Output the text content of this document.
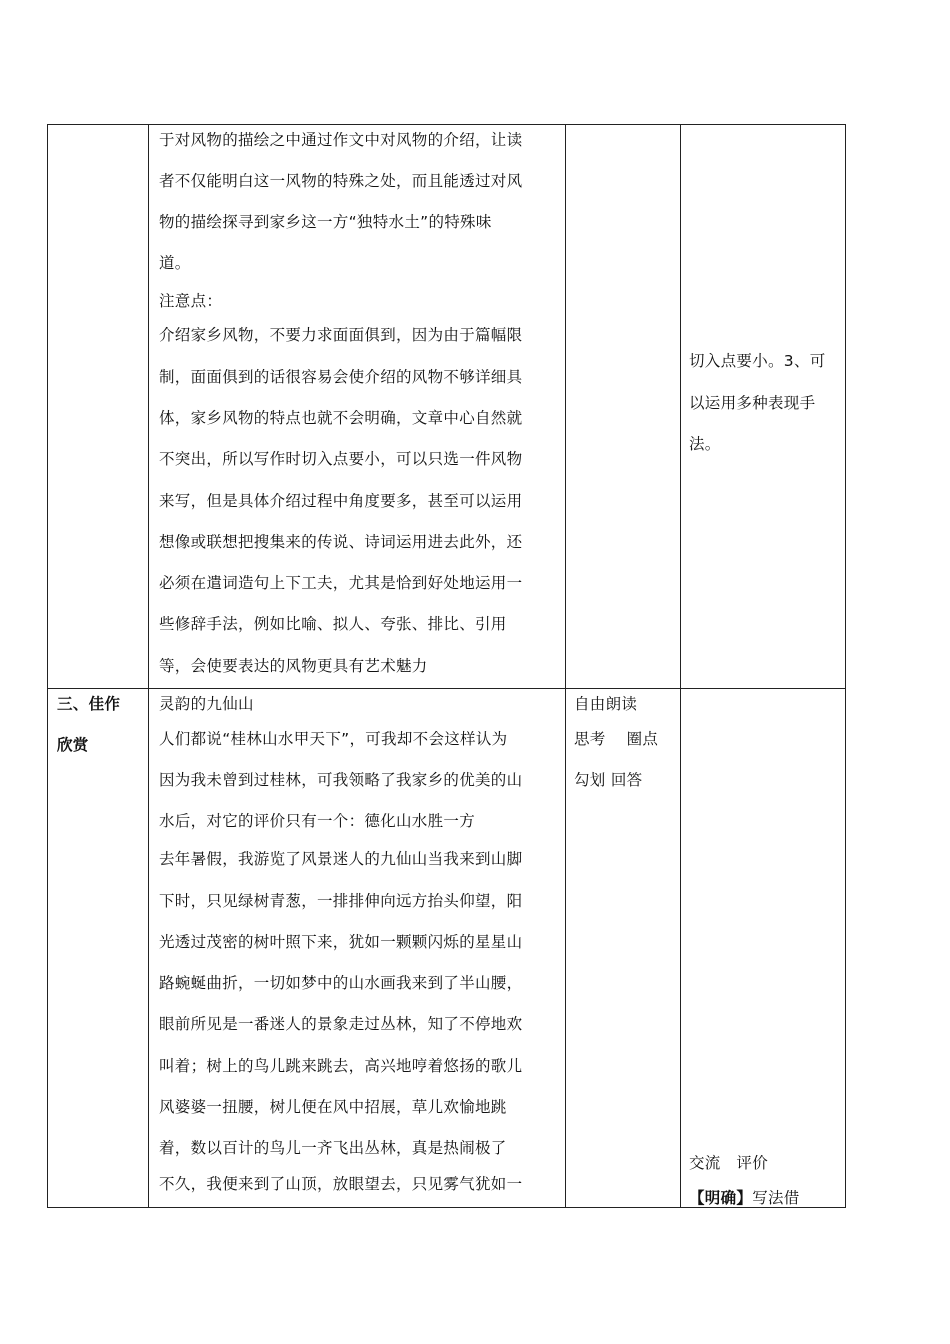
于对风物的描绘之中通过作文中对风物的介绍，让读
者不仅能明白这一风物的特殊之处，而且能透过对风
物的描绘探寻到家乡这一方“独特水土”的特殊味
道。
注意点：
介绍家乡风物，不要力求面面俱到，因为由于篇幅限
制，面面俱到的话很容易会使介绍的风物不够详细具
体，家乡风物的特点也就不会明确，文章中心自然就
不突出，所以写作时切入点要小，可以只选一件风物
来写，但是具体介绍过程中角度要多，甚至可以运用
想像或联想把搜集来的传说、诗词运用进去此外，还
必须在遣词造句上下工夫，尤其是恰到好处地运用一
些修辞手法，例如比喻、拟人、夸张、排比、引用
等，会使要表达的风物更具有艺术魅力
切入点要小。3、可
以运用多种表现手
法。
三、佳作
欣赏
灵韵的九仙山
人们都说“桂林山水甲天下”，可我却不会这样认为
因为我未曾到过桂林，可我领略了我家乡的优美的山
水后，对它的评价只有一个：德化山水胜一方
去年暑假，我游览了风景迷人的九仙山当我来到山脚
下时，只见绿树青葱，一排排伸向远方抬头仰望，阳
光透过茂密的树叶照下来，犹如一颗颗闪烁的星星山
路蜿蜒曲折，一切如梦中的山水画我来到了半山腰，
眼前所见是一番迷人的景象走过丛林，知了不停地欢
叫着；树上的鸟儿跳来跳去，高兴地哼着悠扬的歌儿
风婆婆一扭腰，树儿便在风中招展，草儿欢愉地跳
着，数以百计的鸟儿一齐飞出丛林，真是热闹极了
不久，我便来到了山顶，放眼望去，只见雾气犹如一
自由朗读
思考　 圈点
勾划 回答
交流　评价
【明确】写法借
